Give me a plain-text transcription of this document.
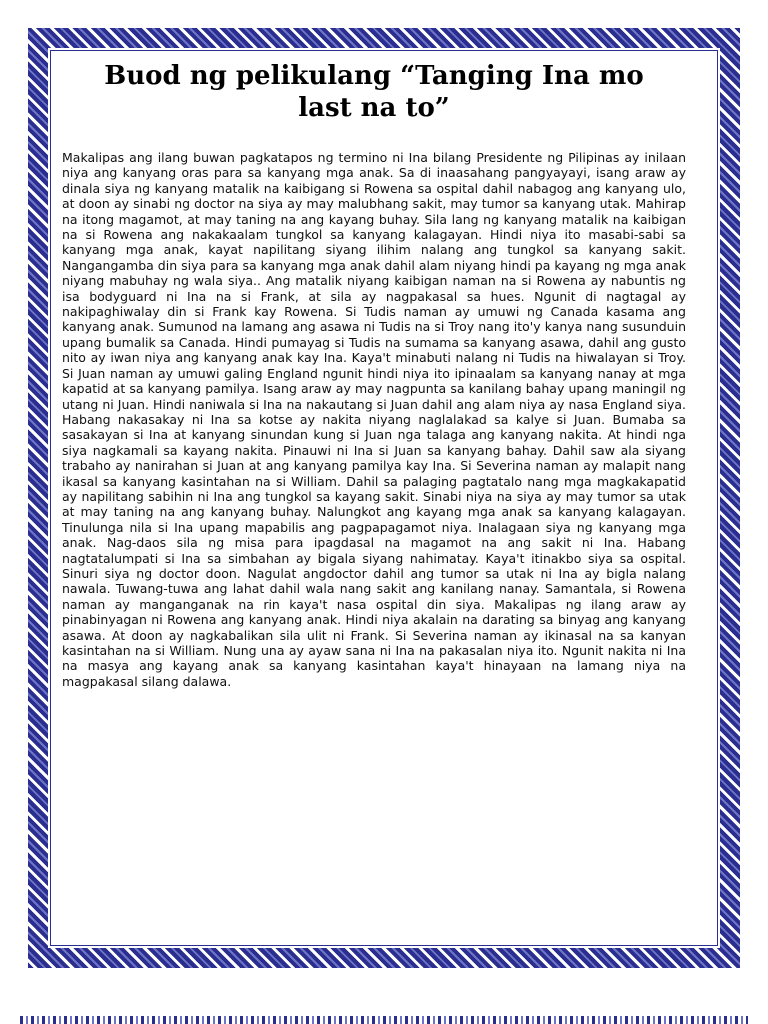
Buod ng pelikulang “Tanging Ina mo
last na to”

Makalipas ang ilang buwan pagkatapos ng termino ni Ina bilang Presidente ng Pilipinas ay inilaan niya ang kanyang oras para sa kanyang mga anak. Sa di inaasahang pangyayayi, isang araw ay dinala siya ng kanyang matalik na kaibigang si Rowena sa ospital dahil nabagog ang kanyang ulo, at doon ay sinabi ng doctor na siya ay may malubhang sakit, may tumor sa kanyang utak. Mahirap na itong magamot, at may taning na ang kayang buhay. Sila lang ng kanyang matalik na kaibigan na si Rowena ang nakakaalam tungkol sa kanyang kalagayan. Hindi niya ito masabi-sabi sa kanyang mga anak, kayat napilitang siyang ilihim nalang ang tungkol sa kanyang sakit. Nangangamba din siya para sa kanyang mga anak dahil alam niyang hindi pa kayang ng mga anak niyang mabuhay ng wala siya.. Ang matalik niyang kaibigan naman na si Rowena ay nabuntis ng isa bodyguard ni Ina na si Frank, at sila ay nagpakasal sa hues. Ngunit di nagtagal ay nakipaghiwalay din si Frank kay Rowena. Si Tudis naman ay umuwi ng Canada kasama ang kanyang anak. Sumunod na lamang ang asawa ni Tudis na si Troy nang ito'y kanya nang susunduin upang bumalik sa Canada. Hindi pumayag si Tudis na sumama sa kanyang asawa, dahil ang gusto nito ay iwan niya ang kanyang anak kay Ina. Kaya't minabuti nalang ni Tudis na hiwalayan si Troy. Si Juan naman ay umuwi galing England ngunit hindi niya ito ipinaalam sa kanyang nanay at mga kapatid at sa kanyang pamilya. Isang araw ay may nagpunta sa kanilang bahay upang maningil ng utang ni Juan. Hindi naniwala si Ina na nakautang si Juan dahil ang alam niya ay nasa England siya. Habang nakasakay ni Ina sa kotse ay nakita niyang naglalakad sa kalye si Juan. Bumaba sa sasakayan si Ina at kanyang sinundan kung si Juan nga talaga ang kanyang nakita. At hindi nga siya nagkamali sa kayang nakita. Pinauwi ni Ina si Juan sa kanyang bahay. Dahil saw ala siyang trabaho ay nanirahan si Juan at ang kanyang pamilya kay Ina. Si Severina naman ay malapit nang ikasal sa kanyang kasintahan na si William. Dahil sa palaging pagtatalo nang mga magkakapatid ay napilitang sabihin ni Ina ang tungkol sa kayang sakit. Sinabi niya na siya ay may tumor sa utak at may taning na ang kanyang buhay. Nalungkot ang kayang mga anak sa kanyang kalagayan. Tinulunga nila si Ina upang mapabilis ang pagpapagamot niya. Inalagaan siya ng kanyang mga anak. Nag-daos sila ng misa para ipagdasal na magamot na ang sakit ni Ina. Habang nagtatalumpati si Ina sa simbahan ay bigala siyang nahimatay. Kaya't itinakbo siya sa ospital. Sinuri siya ng doctor doon. Nagulat angdoctor dahil ang tumor sa utak ni Ina ay bigla nalang nawala. Tuwang-tuwa ang lahat dahil wala nang sakit ang kanilang nanay. Samantala, si Rowena naman ay manganganak na rin kaya't nasa ospital din siya. Makalipas ng ilang araw ay pinabinyagan ni Rowena ang kanyang anak. Hindi niya akalain na darating sa binyag ang kanyang asawa. At doon ay nagkabalikan sila ulit ni Frank. Si Severina naman ay ikinasal na sa kanyan kasintahan na si William. Nung una ay ayaw sana ni Ina na pakasalan niya ito. Ngunit nakita ni Ina na masya ang kayang anak sa kanyang kasintahan kaya't hinayaan na lamang niya na magpakasal silang dalawa.
